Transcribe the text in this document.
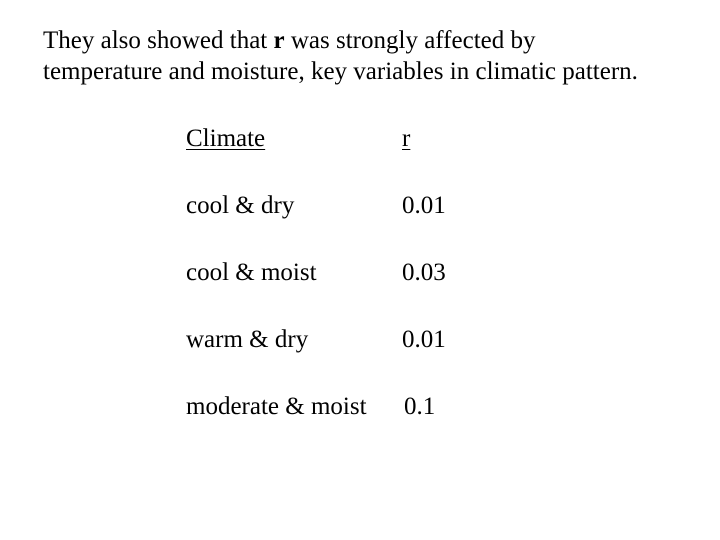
They also showed that r was strongly affected by
temperature and moisture, key variables in climatic pattern.
Climate	r
cool & dry	0.01
cool & moist	0.03
warm & dry	0.01
moderate & moist 0.1
